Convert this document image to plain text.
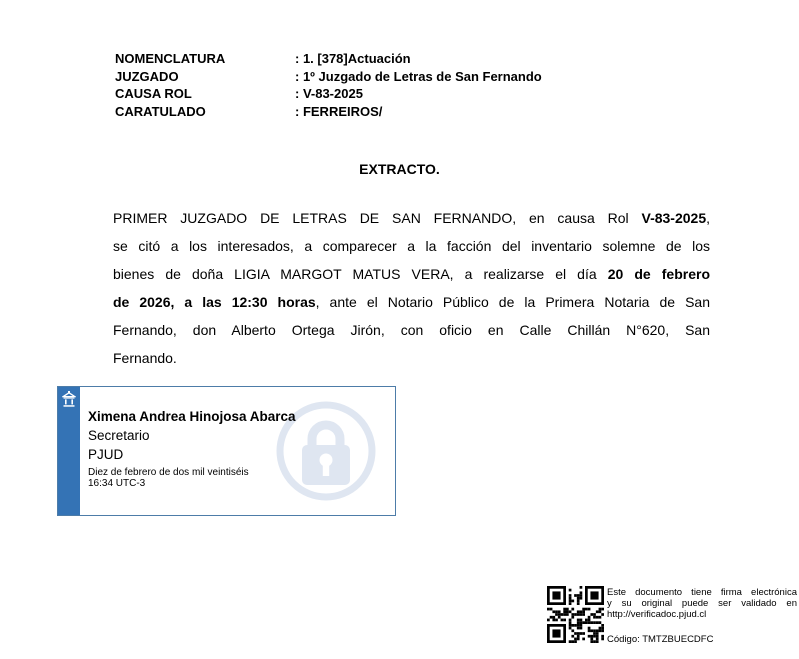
NOMENCLATURA	: 1. [378]Actuación
JUZGADO	: 1º Juzgado de Letras de San Fernando
CAUSA ROL	: V-83-2025
CARATULADO	: FERREIROS/
EXTRACTO.
PRIMER JUZGADO DE LETRAS DE SAN FERNANDO, en causa Rol V-83-2025,
se citó a los interesados, a comparecer a la facción del inventario solemne de los
bienes de doña LIGIA MARGOT MATUS VERA, a realizarse el día 20 de febrero
de 2026, a las 12:30 horas, ante el Notario Público de la Primera Notaria de San
Fernando, don Alberto Ortega Jirón, con oficio en Calle Chillán N°620, San
Fernando.
Ximena Andrea Hinojosa Abarca
Secretario
PJUD
Diez de febrero de dos mil veintiséis
16:34 UTC-3
Este documento tiene firma electrónica
y su original puede ser validado en
http://verificadoc.pjud.cl
Código: TMTZBUECDFC
